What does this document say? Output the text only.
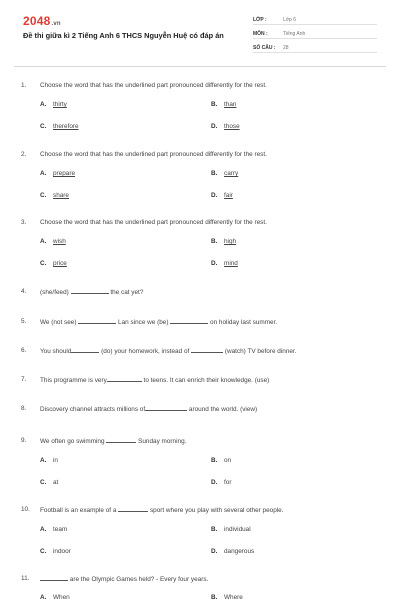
2048.vn
Đề thi giữa kì 2 Tiếng Anh 6 THCS Nguyễn Huệ có đáp án
LỚP :	Lớp 6
MÔN :	Tiếng Anh
SỐ CÂU : 28
1. Choose the word that has the underlined part pronounced differently for the rest.
A. thirty	B. than
C. therefore	D. those
2. Choose the word that has the underlined part pronounced differently for the rest.
A. prepare	B. carry
C. share	D. fair
3. Choose the word that has the underlined part pronounced differently for the rest.
A. wish	B. high
C. price	D. mind
4. (she/feed)	the cat yet?
5. We (not see)	Lan since we (be)	on holiday last summer.
6. You should	(do) your homework, instead of	(watch) TV before dinner.
7. This programme is very	to teens. It can enrich their knowledge. (use)
8. Discovery channel attracts millions of	around the world. (view)
9. We often go swimming	Sunday morning.
A. in	B. on
C. at	D. for
10. Football is an example of a	sport where you play with several other people.
A. team	B. individual
C. indoor	D. dangerous
11.	are the Olympic Games held? - Every four years.
A. When	B. Where
